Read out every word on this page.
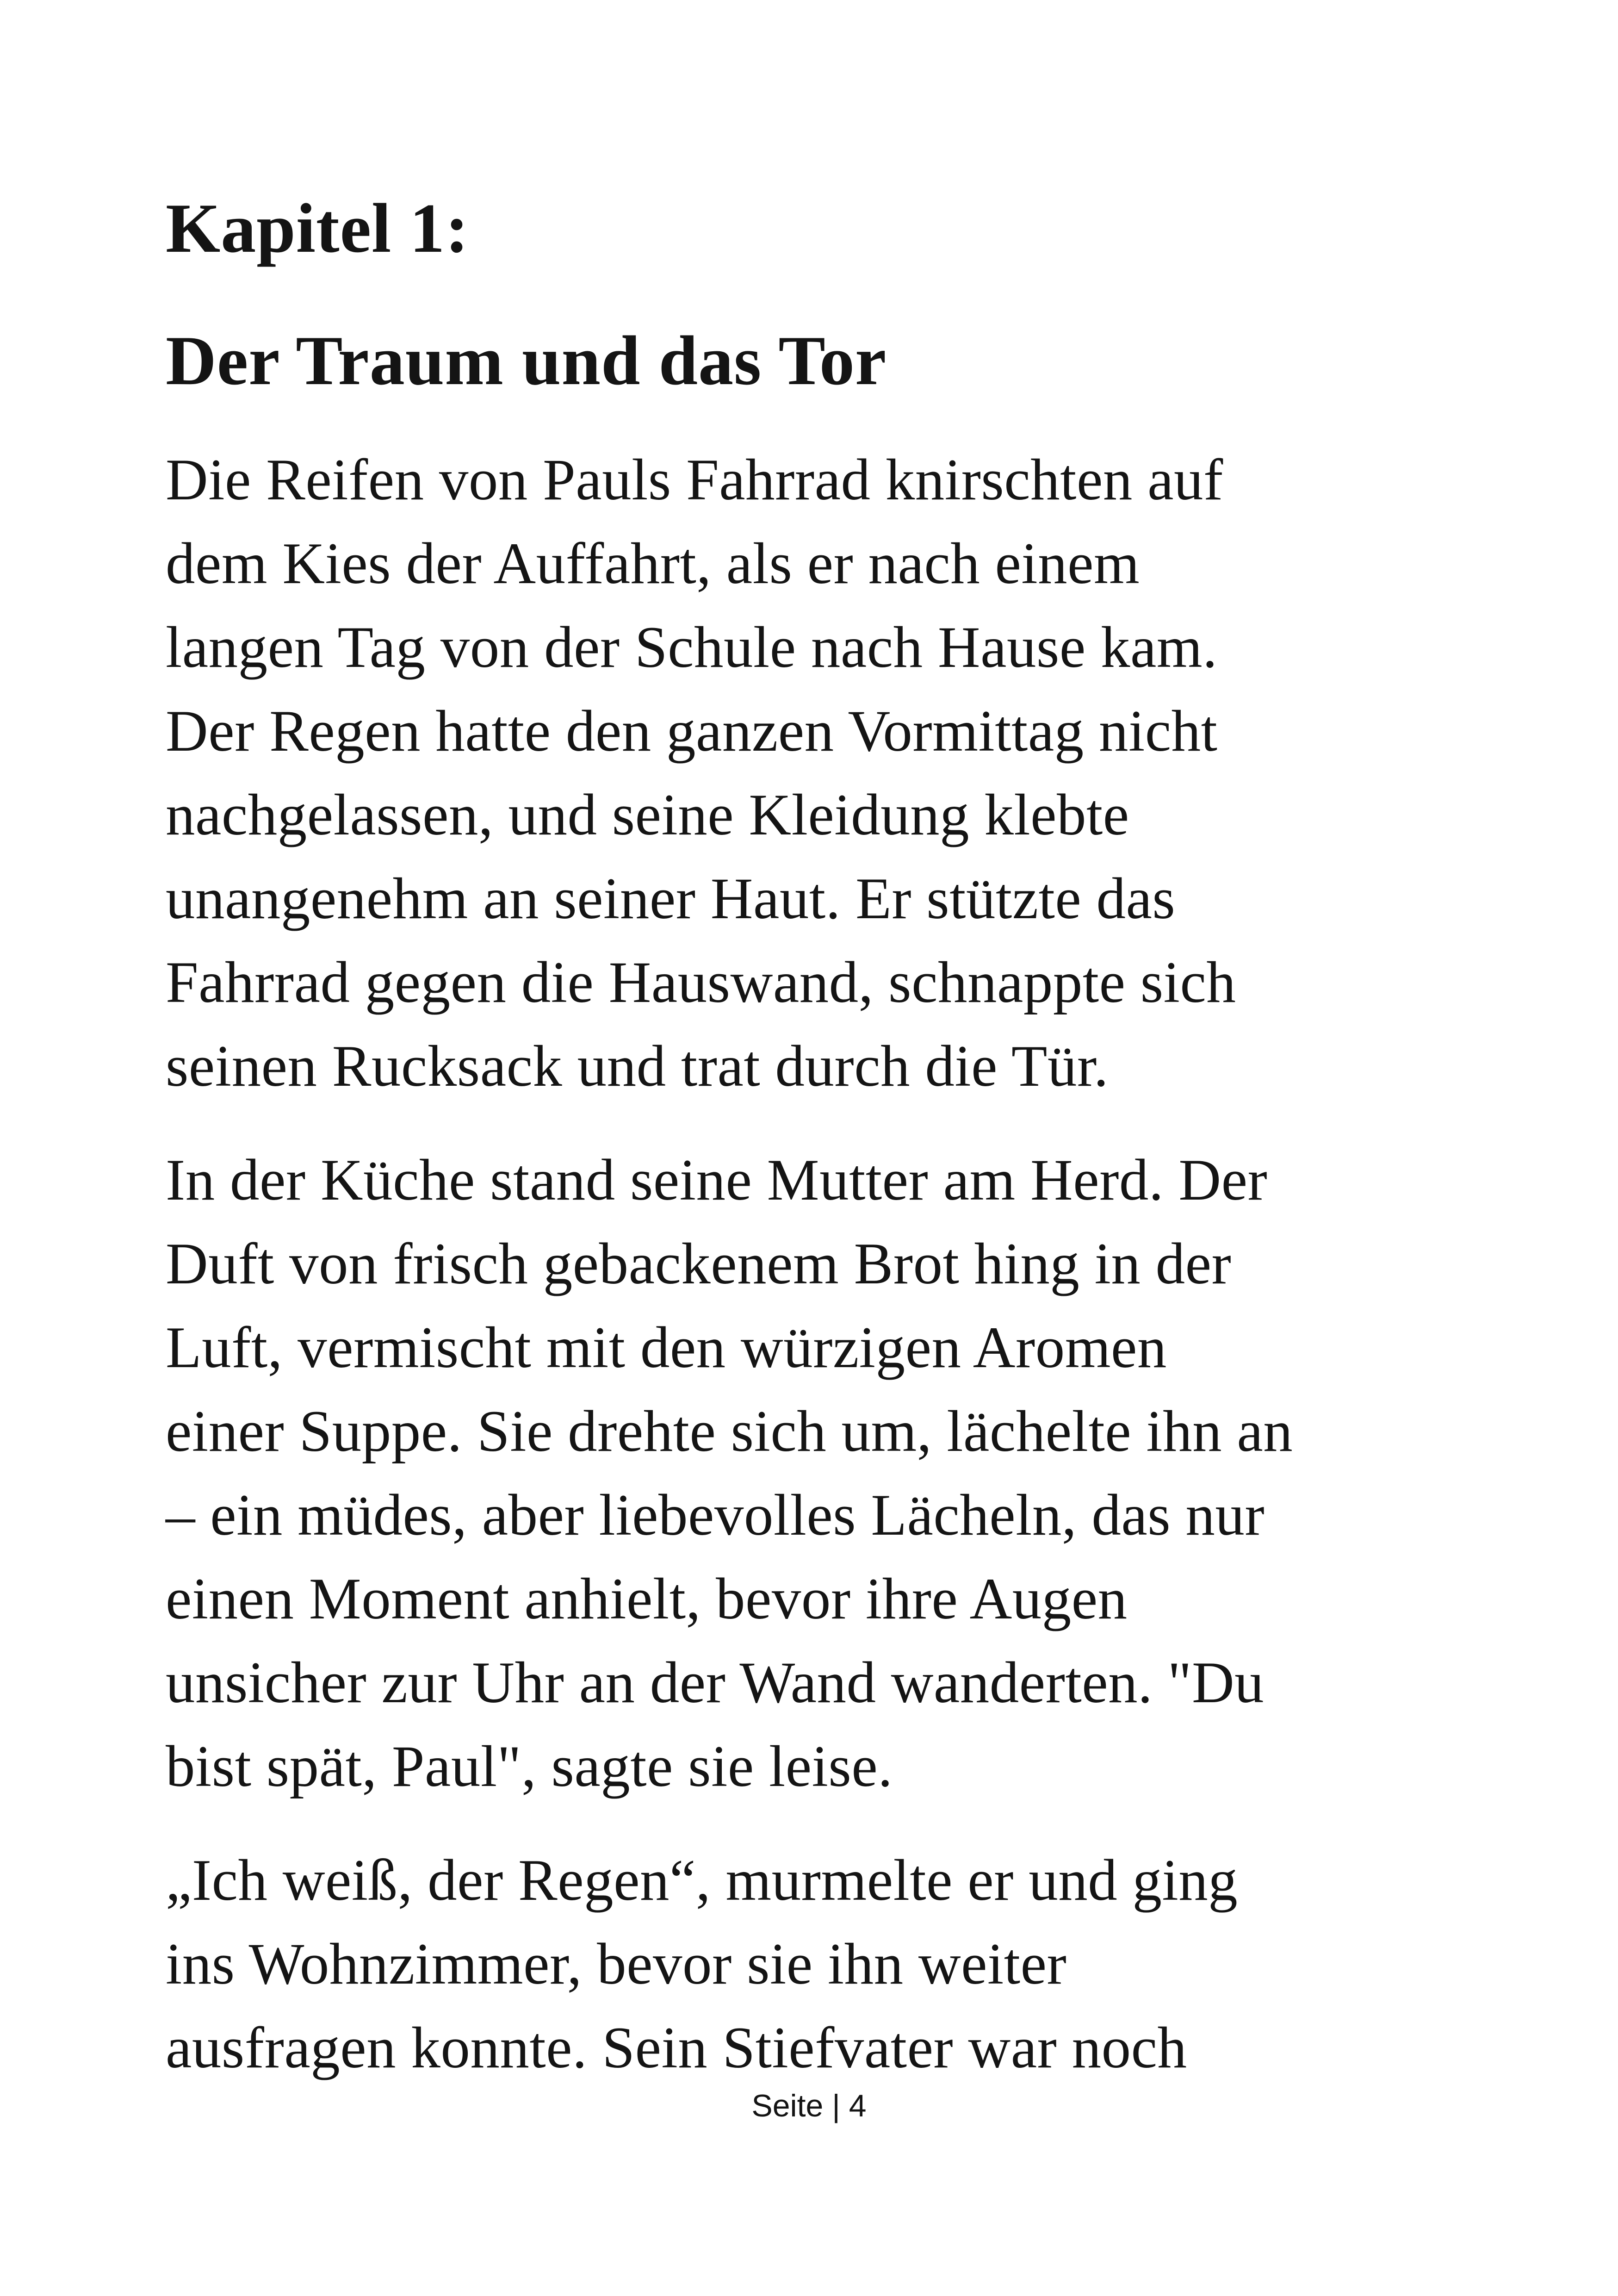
Kapitel 1:
Der Traum und das Tor

Die Reifen von Pauls Fahrrad knirschten auf
dem Kies der Auffahrt, als er nach einem
langen Tag von der Schule nach Hause kam.
Der Regen hatte den ganzen Vormittag nicht
nachgelassen, und seine Kleidung klebte
unangenehm an seiner Haut. Er stützte das
Fahrrad gegen die Hauswand, schnappte sich
seinen Rucksack und trat durch die Tür.

In der Küche stand seine Mutter am Herd. Der
Duft von frisch gebackenem Brot hing in der
Luft, vermischt mit den würzigen Aromen
einer Suppe. Sie drehte sich um, lächelte ihn an
– ein müdes, aber liebevolles Lächeln, das nur
einen Moment anhielt, bevor ihre Augen
unsicher zur Uhr an der Wand wanderten. "Du
bist spät, Paul", sagte sie leise.

„Ich weiß, der Regen“, murmelte er und ging
ins Wohnzimmer, bevor sie ihn weiter
ausfragen konnte. Sein Stiefvater war noch

Seite | 4
